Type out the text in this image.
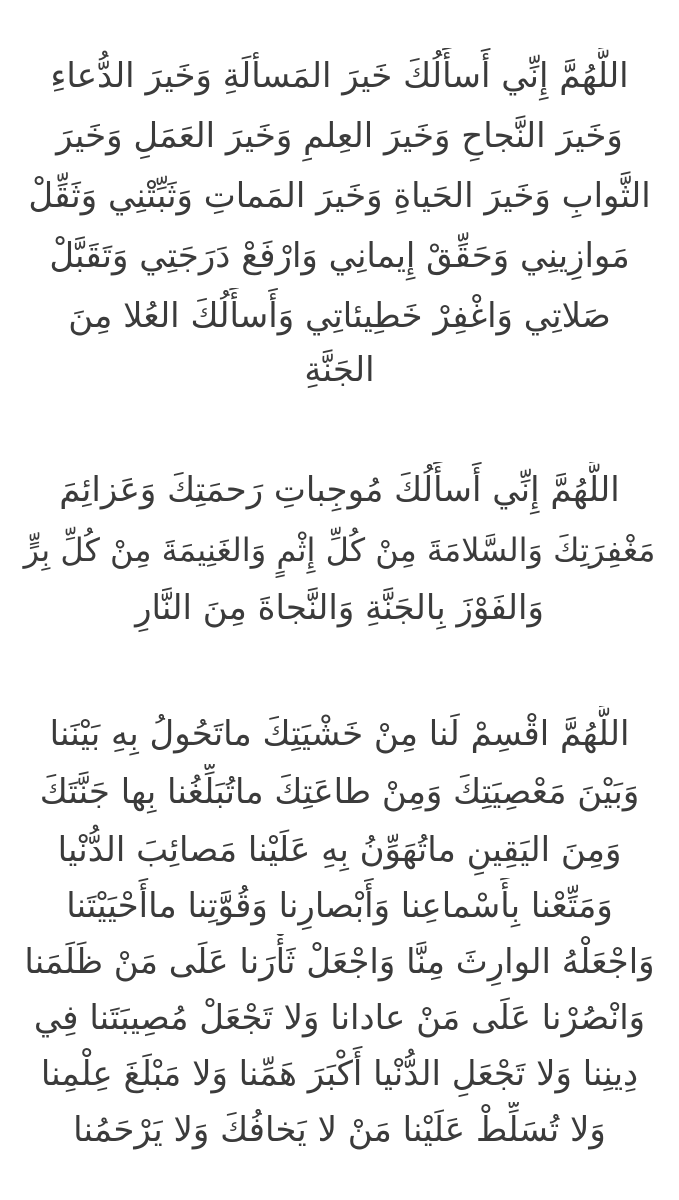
اللَّهُمَّ إِنِّي أَسأَلُكَ خَيرَ المَسألَةِ وَخَيرَ الدُّعاءِ
وَخَيرَ النَّجاحِ وَخَيرَ العِلمِ وَخَيرَ العَمَلِ وَخَيرَ
الثَّوابِ وَخَيرَ الحَياةِ وَخَيرَ المَماتِ وَثَبِّتْنِي وَثَقِّلْ
مَوازِينِي وَحَقِّقْ إِيمانِي وَارْفَعْ دَرَجَتِي وَتَقَبَّلْ
صَلاتِي وَاغْفِرْ خَطِيئاتِي وَأَسأَلُكَ العُلا مِنَ
الجَنَّةِ
اللَّهُمَّ إِنِّي أَسأَلُكَ مُوجِباتِ رَحمَتِكَ وَعَزائِمَ
مَغْفِرَتِكَ وَالسَّلامَةَ مِنْ كُلِّ إِثْمٍ وَالغَنِيمَةَ مِنْ كُلِّ بِرٍّ
وَالفَوْزَ بِالجَنَّةِ وَالنَّجاةَ مِنَ النَّارِ
اللَّهُمَّ اقْسِمْ لَنا مِنْ خَشْيَتِكَ ماتَحُولُ بِهِ بَيْنَنا
وَبَيْنَ مَعْصِيَتِكَ وَمِنْ طاعَتِكَ ماتُبَلِّغُنا بِها جَنَّتَكَ
وَمِنَ اليَقِينِ ماتُهَوِّنُ بِهِ عَلَيْنا مَصائِبَ الدُّنْيا
وَمَتِّعْنا بِأَسْماعِنا وَأَبْصارِنا وَقُوَّتِنا ماأَحْيَيْتَنا
وَاجْعَلْهُ الوارِثَ مِنَّا وَاجْعَلْ ثَأْرَنا عَلَى مَنْ ظَلَمَنا
وَانْصُرْنا عَلَى مَنْ عادانا وَلا تَجْعَلْ مُصِيبَتَنا فِي
دِينِنا وَلا تَجْعَلِ الدُّنْيا أَكْبَرَ هَمِّنا وَلا مَبْلَغَ عِلْمِنا
وَلا تُسَلِّطْ عَلَيْنا مَنْ لا يَخافُكَ وَلا يَرْحَمُنا
